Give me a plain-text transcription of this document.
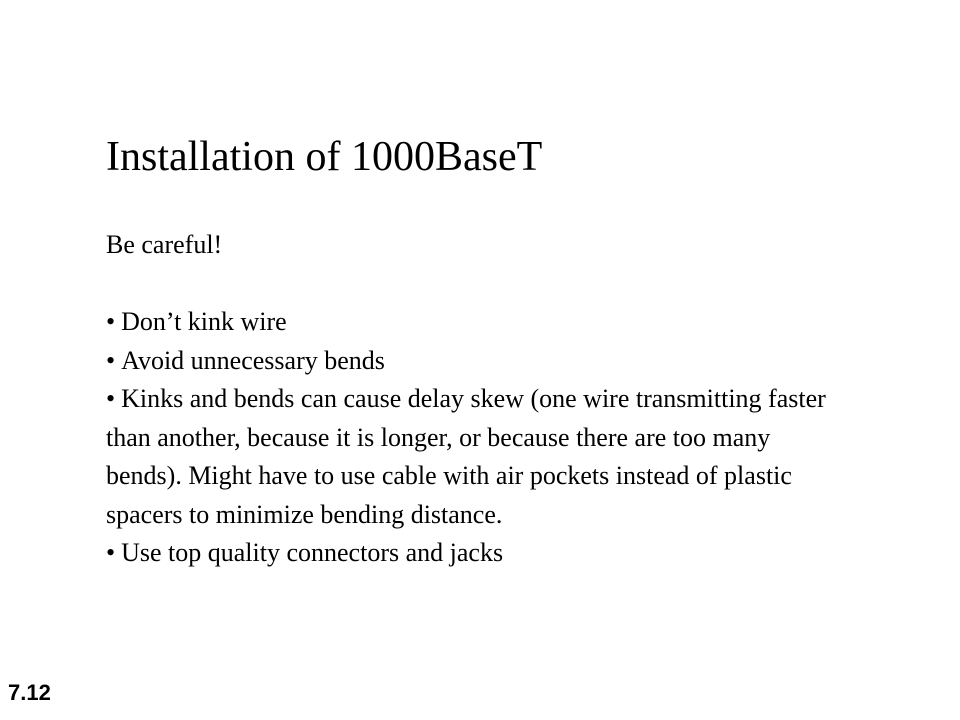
Installation of 1000BaseT

Be careful!

• Don’t kink wire

• Avoid unnecessary bends

• Kinks and bends can cause delay skew (one wire transmitting faster than another, because it is longer, or because there are too many bends). Might have to use cable with air pockets instead of plastic spacers to minimize bending distance.

• Use top quality connectors and jacks

7.12
